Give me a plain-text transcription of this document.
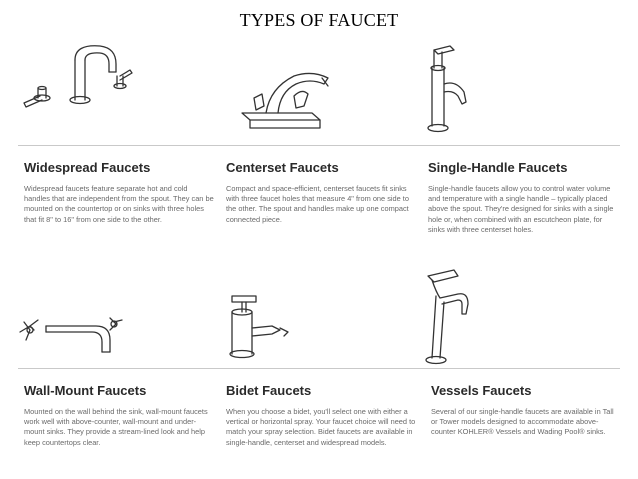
TYPES OF FAUCET
Widespread Faucets

Widespread faucets feature separate hot and cold handles that are independent from the spout. They can be mounted on the countertop or on sinks with three holes that fit 8" to 16" from one side to the other.

Centerset Faucets

Compact and space-efficient, centerset faucets fit sinks with three faucet holes that measure 4" from one side to the other. The spout and handles make up one compact connected piece.

Single-Handle Faucets

Single-handle faucets allow you to control water volume and temperature with a single handle – typically placed above the spout. They're designed for sinks with a single hole or, when combined with an escutcheon plate, for sinks with three centerset holes.

Wall-Mount Faucets

Mounted on the wall behind the sink, wall-mount faucets work well with above-counter, wall-mount and under-mount sinks. They provide a stream-lined look and help keep countertops clear.

Bidet Faucets

When you choose a bidet, you'll select one with either a vertical or horizontal spray. Your faucet choice will need to match your spray selection. Bidet faucets are available in single-handle, centerset and widespread models.

Vessels Faucets

Several of our single-handle faucets are available in Tall or Tower models designed to accommodate above-counter KOHLER® Vessels and Wading Pool® sinks.
